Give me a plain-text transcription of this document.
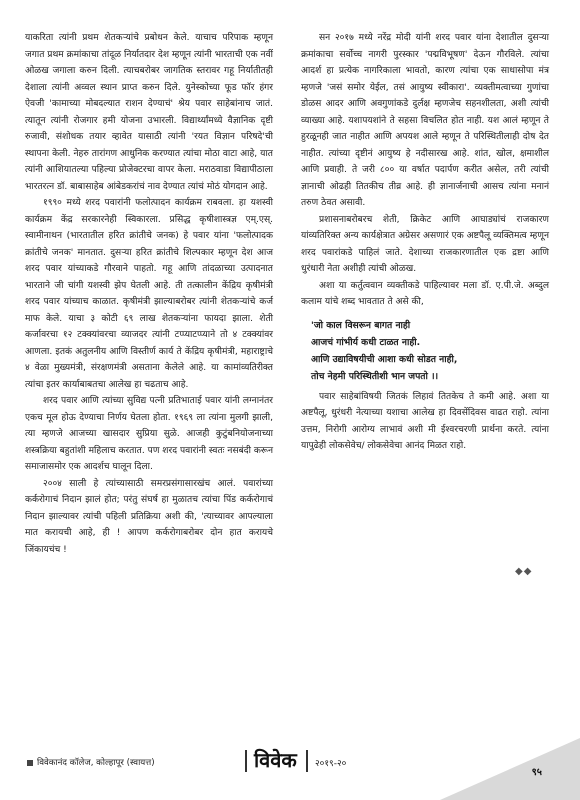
याकरिता त्यांनी प्रथम शेतकऱ्यांचे प्रबोधन केले. याचाच परिपाक म्हणून जगात प्रथम क्रमांकाचा तांदूळ निर्यातदार देश म्हणून त्यांनी भारताची एक नवीं ओळख जगाला करुन दिली. त्याचबरोबर जागतिक स्तरावर गहू निर्यातीतही देशाला त्यांनी अव्वल स्थान प्राप्त करुन दिले. युनेस्कोच्या फूड फॉर हंगर ऐवजी 'कामाच्या मोबदल्यात राशन देण्याचं' श्रेय पवार साहेबांनाच जातं. त्यातून त्यांनी रोजगार हमी योजना उभारली. विद्यार्थ्यांमध्ये वैज्ञानिक दृष्टी रुजावी, संशोधक तयार व्हावेत यासाठी त्यांनी 'रयत विज्ञान परिषदे'ची स्थापना केली. नेहरु तारांगण आधुनिक करण्यात त्यांचा मोठा वाटा आहे, यात त्यांनी आशियातल्या पहिल्या प्रोजेक्टरचा वापर केला. मराठवाडा विद्यापीठाला भारतरत्न डॉ. बाबासाहेब आंबेडकरांचं नाव देण्यात त्यांचं मोठं योगदान आहे.

१९९० मध्ये शरद पवारांनी फलोत्पादन कार्यक्रम राबवला. हा यशस्वी कार्यक्रम केंद्र सरकारनेही स्विकारला. प्रसिद्ध कृषीशास्त्रज्ञ एम्.एस्. स्वामीनाथन (भारतातील हरित क्रांतीचे जनक) हे पवार यांना 'फलोत्पादक क्रांतीचे जनक' मानतात. दुसऱ्या हरित क्रांतीचे शिल्पकार म्हणून देश आज शरद पवार यांच्याकडे गौरवाने पाहतो. गहू आणि तांदळाच्या उत्पादनात भारताने जी चांगी यशस्वी झेप घेतली आहे. ती तत्कालीन केंद्रिय कृषीमंत्री शरद पवार यांच्याच काळात. कृषीमंत्री झाल्याबरोबर त्यांनी शेतकऱ्यांचे कर्ज माफ केले. याचा ३ कोटी ६९ लाख शेतकऱ्यांना फायदा झाला. शेती कर्जावरचा १२ टक्क्यांवरचा व्याजदर त्यांनी टप्प्याटप्प्याने तो ४ टक्क्यांवर आणला. इतकं अतुलनीय आणि विस्तीर्ण कार्य ते केंद्रिय कृषीमंत्री, महाराष्ट्राचे ४ वेळा मुख्यमंत्री, संरक्षणमंत्री असताना केलेले आहे. या कामांव्यतिरीक्त त्यांचा इतर कार्याबाबतचा आलेख हा चढताच आहे.

शरद पवार आणि त्यांच्या सुविद्य पत्नी प्रतिभाताई पवार यांनी लग्नानंतर एकच मूल होऊ देण्याचा निर्णय घेतला होता. १९६९ ला त्यांना मुलगी झाली, त्या म्हणजे आजच्या खासदार सुप्रिया सुळे. आजही कुटुंबनियोजनाच्या शस्त्रक्रिया बहुतांशी महिलाच करतात. पण शरद पवारांनी स्वतः नसबंदी करून समाजासमोर एक आदर्शच घालून दिला.

२००४ साली हे त्यांच्यासाठी समरप्रसंगासारखंच आलं. पवारांच्या कर्करोगाचं निदान झालं होत; परंतु संघर्ष हा मुळातच त्यांचा पिंड कर्करोगाचं निदान झाल्यावर त्यांची पहिली प्रतिक्रिया अशी की, 'त्याच्यावर आपल्याला मात करायची आहे, ही ! आपण कर्करोगाबरोबर दोन हात करायचे जिंकायचंच !

सन २०१७ मध्ये नरेंद्र मोदी यांनी शरद पवार यांना देशातील दुसऱ्या क्रमांकाचा सर्वोच्च नागरी पुरस्कार 'पद्मविभूषण' देऊन गौरविले. त्यांचा आदर्श हा प्रत्येक नागरिकाला भावतो, कारण त्यांचा एक साधासोपा मंत्र म्हणजे 'जसं समोर येईल, तसं आयुष्य स्वीकारा'. व्यक्तीमत्वाच्या गुणांचा डोळस आदर आणि अवगुणांकडे दुर्लक्ष म्हणजेच सहनशीलता, अशी त्यांची व्याख्या आहे. यशापयशांने ते सहसा विचलित होत नाही. यश आलं म्हणून ते हुरळूनही जात नाहीत आणि अपयश आले म्हणून ते परिस्थितीलाही दोष देत नाहीत. त्यांच्या दृष्टीनं आयुष्य हे नदीसारख आहे. शांत, खोल, क्षमाशील आणि प्रवाही. ते जरी ८०० या वर्षात पदार्पण करीत असेल, तरी त्यांची ज्ञानाची ओढही तितकीच तीव्र आहे. ही ज्ञानार्जनाची आसच त्यांना मनानं तरुण ठेवत असावी.

प्रशासनाबरोबरच शेती, क्रिकेट आणि आघाड्यांचं राजकारण यांव्यतिरिक्त अन्य कार्यक्षेत्रात अग्रेसर असणारं एक अष्टपैलू व्यक्तिमत्व म्हणून शरद पवारांकडे पाहिलं जाते. देशाच्या राजकारणातील एक द्रष्टा आणि धुरंधारी नेता अशीही त्यांची ओळख.

अशा या कर्तुत्ववान व्यक्तीकडे पाहिल्यावर मला डॉ. ए.पी.जे. अब्दुल कलाम यांचे शब्द भावतात ते असे की,

'जो काल विसरून बागत नाही
आजचं गांभीर्य कधी टाळत नाही.
आणि उद्याविषयीची आशा कधी सोडत नाही,
तोच नेहमी परिस्थितीशी भान जपतो ।।

पवार साहेबांविषयी जितकं लिहावं तितकेच ते कमी आहे. अशा या अष्टपैलू, धुरंधरी नेत्याच्या यशाचा आलेख हा दिवसेंदिवस वाढत राहो. त्यांना उत्तम, निरोगी आरोग्य लाभावं अशी मी ईश्वरचरणी प्रार्थना करते. त्यांना यापुढेही लोकसेवेच/ लोकसेवेचा आनंद मिळत राहो.

◆◆
विवेकानंद कॉलेज, कोल्हापूर (स्वायत्त)	विवेक २०१९-२०
९५
